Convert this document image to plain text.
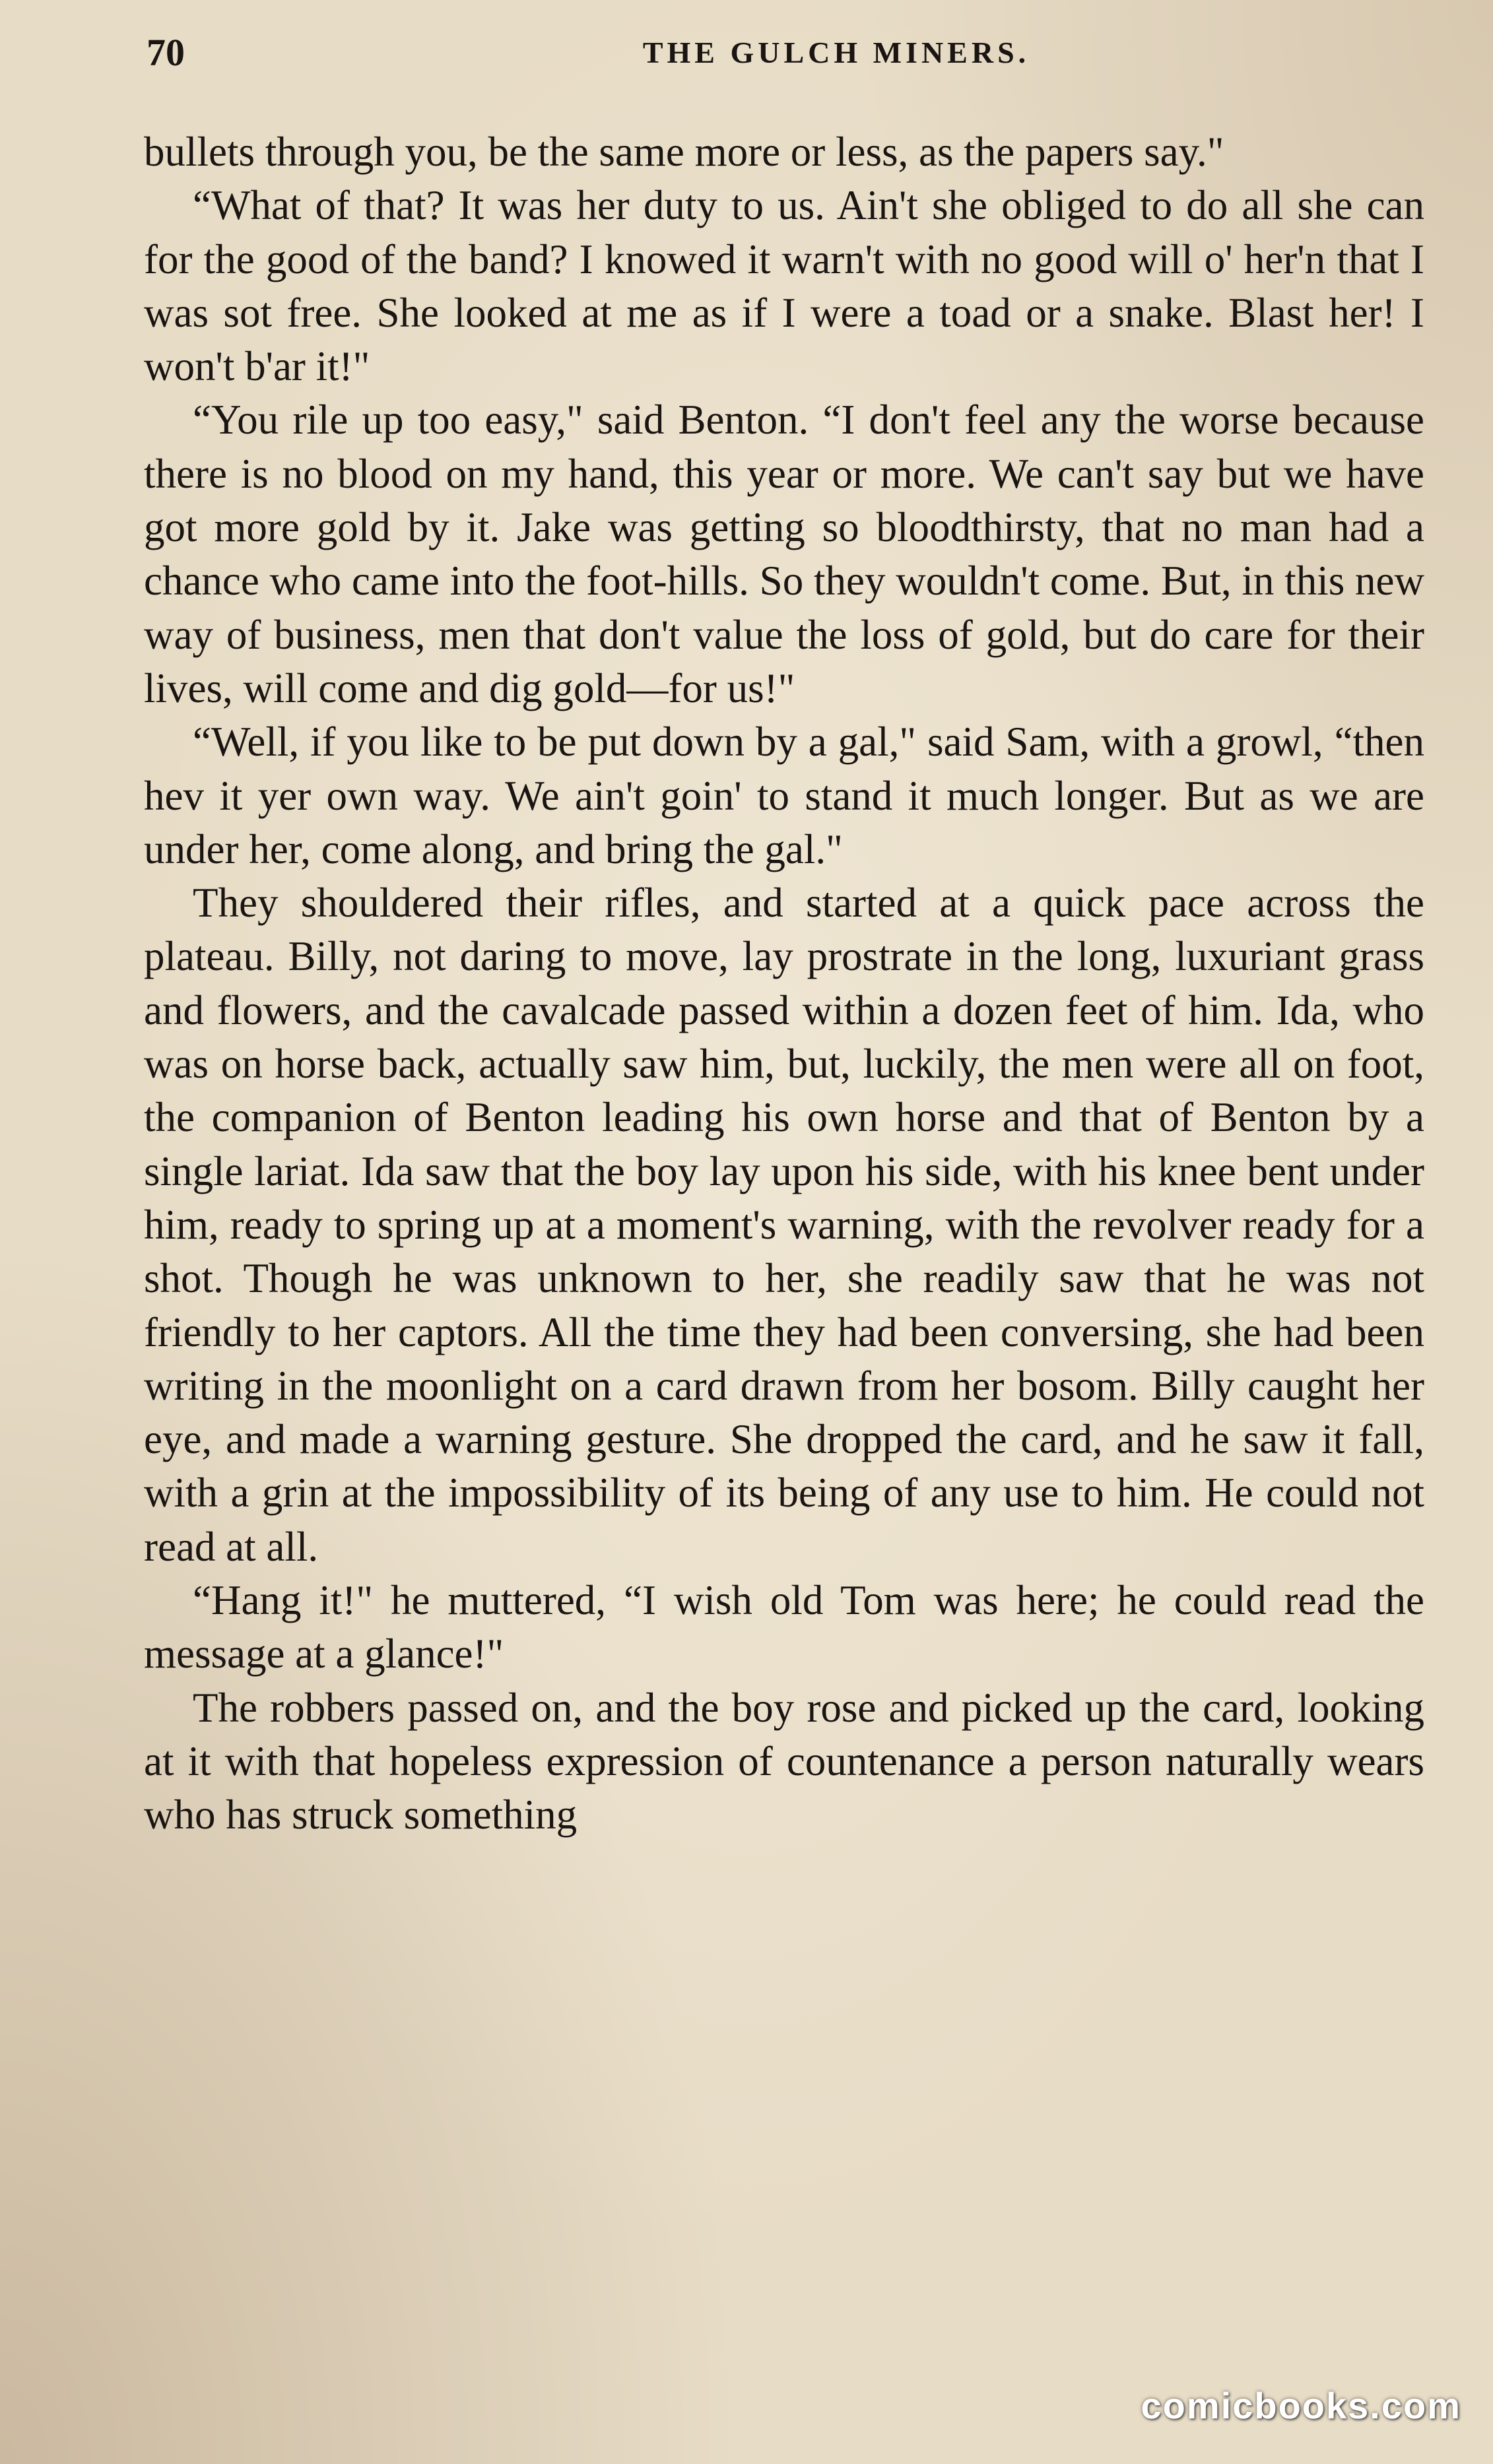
70	THE GULCH MINERS.

bullets through you, be the same more or less, as the papers say."

“What of that? It was her duty to us. Ain't she obliged to do all she can for the good of the band? I knowed it warn't with no good will o' her'n that I was sot free. She looked at me as if I were a toad or a snake. Blast her! I won't b'ar it!"

“You rile up too easy," said Benton. “I don't feel any the worse because there is no blood on my hand, this year or more. We can't say but we have got more gold by it. Jake was getting so bloodthirsty, that no man had a chance who came into the foot-hills. So they wouldn't come. But, in this new way of business, men that don't value the loss of gold, but do care for their lives, will come and dig gold—for us!"

“Well, if you like to be put down by a gal," said Sam, with a growl, “then hev it yer own way. We ain't goin' to stand it much longer. But as we are under her, come along, and bring the gal."

They shouldered their rifles, and started at a quick pace across the plateau. Billy, not daring to move, lay prostrate in the long, luxuriant grass and flowers, and the cavalcade passed within a dozen feet of him. Ida, who was on horse back, actually saw him, but, luckily, the men were all on foot, the companion of Benton leading his own horse and that of Benton by a single lariat. Ida saw that the boy lay upon his side, with his knee bent under him, ready to spring up at a moment's warning, with the revolver ready for a shot. Though he was unknown to her, she readily saw that he was not friendly to her captors. All the time they had been conversing, she had been writing in the moonlight on a card drawn from her bosom. Billy caught her eye, and made a warning gesture. She dropped the card, and he saw it fall, with a grin at the impossibility of its being of any use to him. He could not read at all.

“Hang it!" he muttered, “I wish old Tom was here; he could read the message at a glance!"

The robbers passed on, and the boy rose and picked up the card, looking at it with that hopeless expression of countenance a person naturally wears who has struck something

comicbooks.com
